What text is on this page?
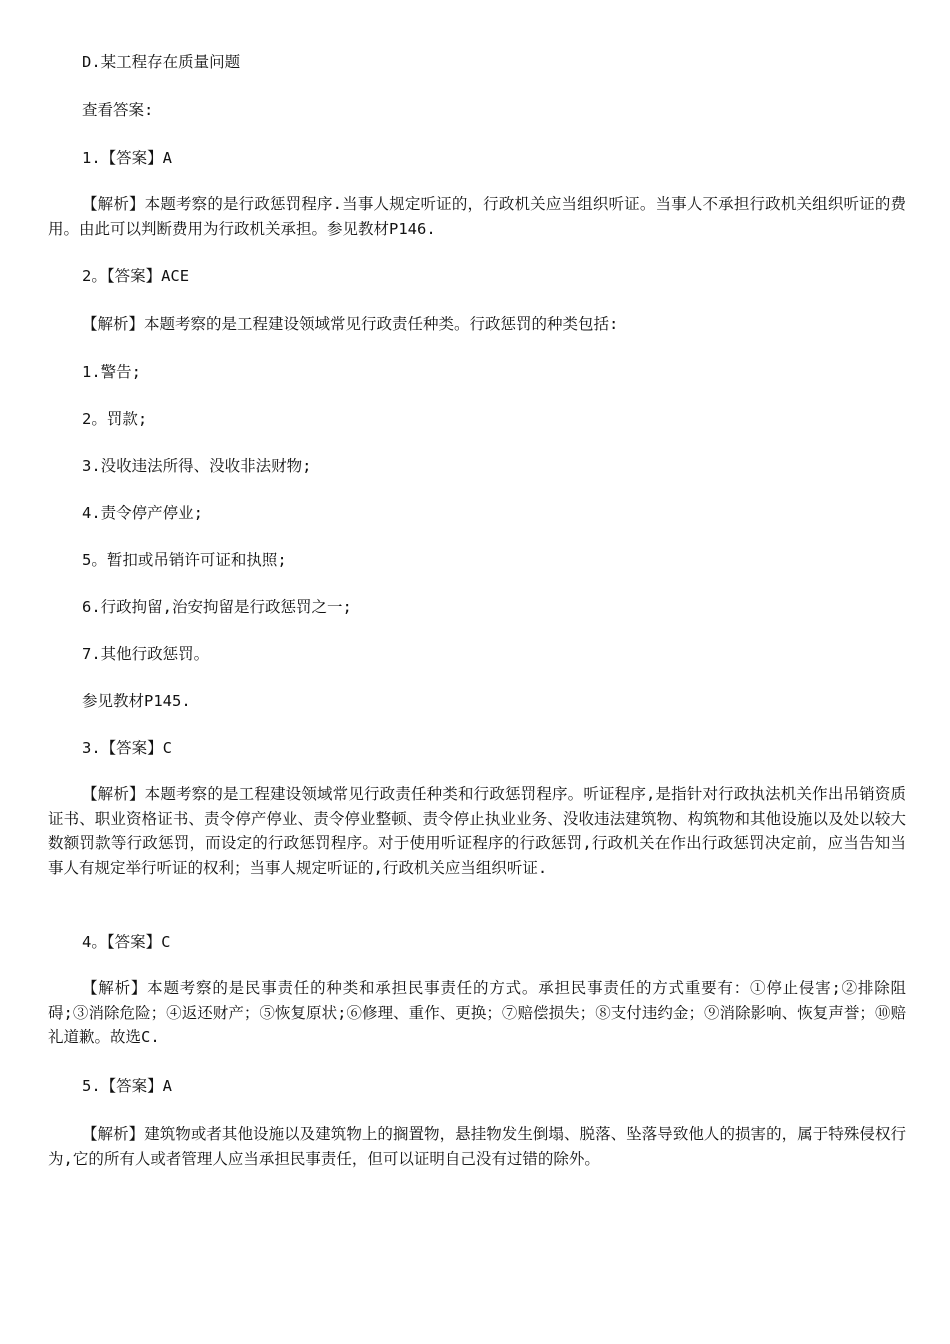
D.某工程存在质量问题

查看答案:

1.【答案】A

【解析】本题考察的是行政惩罚程序.当事人规定听证的，行政机关应当组织听证。当事人不承担行政机关组织听证的费用。由此可以判断费用为行政机关承担。参见教材P146.

2。【答案】ACE

【解析】本题考察的是工程建设领域常见行政责任种类。行政惩罚的种类包括:

1.警告;

2。罚款;

3.没收违法所得、没收非法财物;

4.责令停产停业;

5。暂扣或吊销许可证和执照;

6.行政拘留,治安拘留是行政惩罚之一;

7.其他行政惩罚。

参见教材P145.

3.【答案】C

【解析】本题考察的是工程建设领域常见行政责任种类和行政惩罚程序。听证程序,是指针对行政执法机关作出吊销资质证书、职业资格证书、责令停产停业、责令停业整顿、责令停止执业业务、没收违法建筑物、构筑物和其他设施以及处以较大数额罚款等行政惩罚，而设定的行政惩罚程序。对于使用听证程序的行政惩罚,行政机关在作出行政惩罚决定前，应当告知当事人有规定举行听证的权利；当事人规定听证的,行政机关应当组织听证.

4。【答案】C

【解析】本题考察的是民事责任的种类和承担民事责任的方式。承担民事责任的方式重要有：①停止侵害;②排除阻碍;③消除危险；④返还财产；⑤恢复原状;⑥修理、重作、更换；⑦赔偿损失；⑧支付违约金；⑨消除影响、恢复声誉；⑩赔礼道歉。故选C.

5.【答案】A

【解析】建筑物或者其他设施以及建筑物上的搁置物，悬挂物发生倒塌、脱落、坠落导致他人的损害的，属于特殊侵权行为,它的所有人或者管理人应当承担民事责任，但可以证明自己没有过错的除外。
